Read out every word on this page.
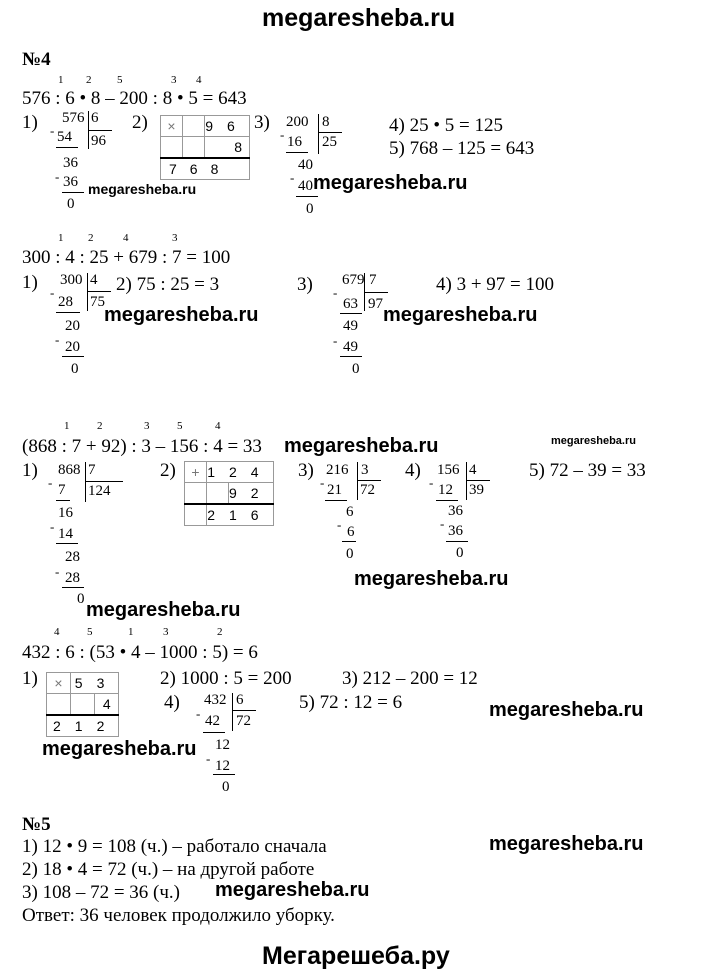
megaresheba.ru
№4
1 2 5	3 4
576 : 6 • 8 – 200 : 8 • 5 = 643
1) 576 6
- 54 96
36
- 36
0
2) ×		96
		8
768		
3) 200 8
- 16 25
40
-
40
0
4) 25 • 5 = 125
5) 768 – 125 = 643
1 2	4	3
300 : 4 : 25 + 679 : 7 = 100
1) 300 4
-
28 75
20
- 20
0
2) 75 : 25 = 3	3) 679 7
-
63 97
49
- 49
0
4) 3 + 97 = 100
1	2	3	5	4
(868 : 7 + 92) : 3 – 156 : 4 = 33
1) 868 7
- 7 124
16
- 14
28
- 28
0
2) +	124	
		92
	216	
3) 216 3
- 21 72
6
- 6
0
4) 156 4
- 12 39
36
- 36
0
5) 72 – 39 = 33
4	5	1	3	2
432 : 6 : (53 • 4 – 1000 : 5) = 6
1) ×	53	
		4
212		
2) 1000 : 5 = 200	3) 212 – 200 = 12
4) 432 6
- 42 72
12
- 12
0
5) 72 : 12 = 6
№5
1) 12 • 9 = 108 (ч.) – работало сначала
2) 18 • 4 = 72 (ч.) – на другой работе
3) 108 – 72 = 36 (ч.)
Ответ: 36 человек продолжило уборку.
megaresheba.ru	megaresheba.ru
megaresheba.ru	megaresheba.ru
megaresheba.ru	megaresheba.ru
megaresheba.ru
megaresheba.ru
megaresheba.ru
megaresheba.ru
megaresheba.ru
megaresheba.ru
Мегарешеба.ру
